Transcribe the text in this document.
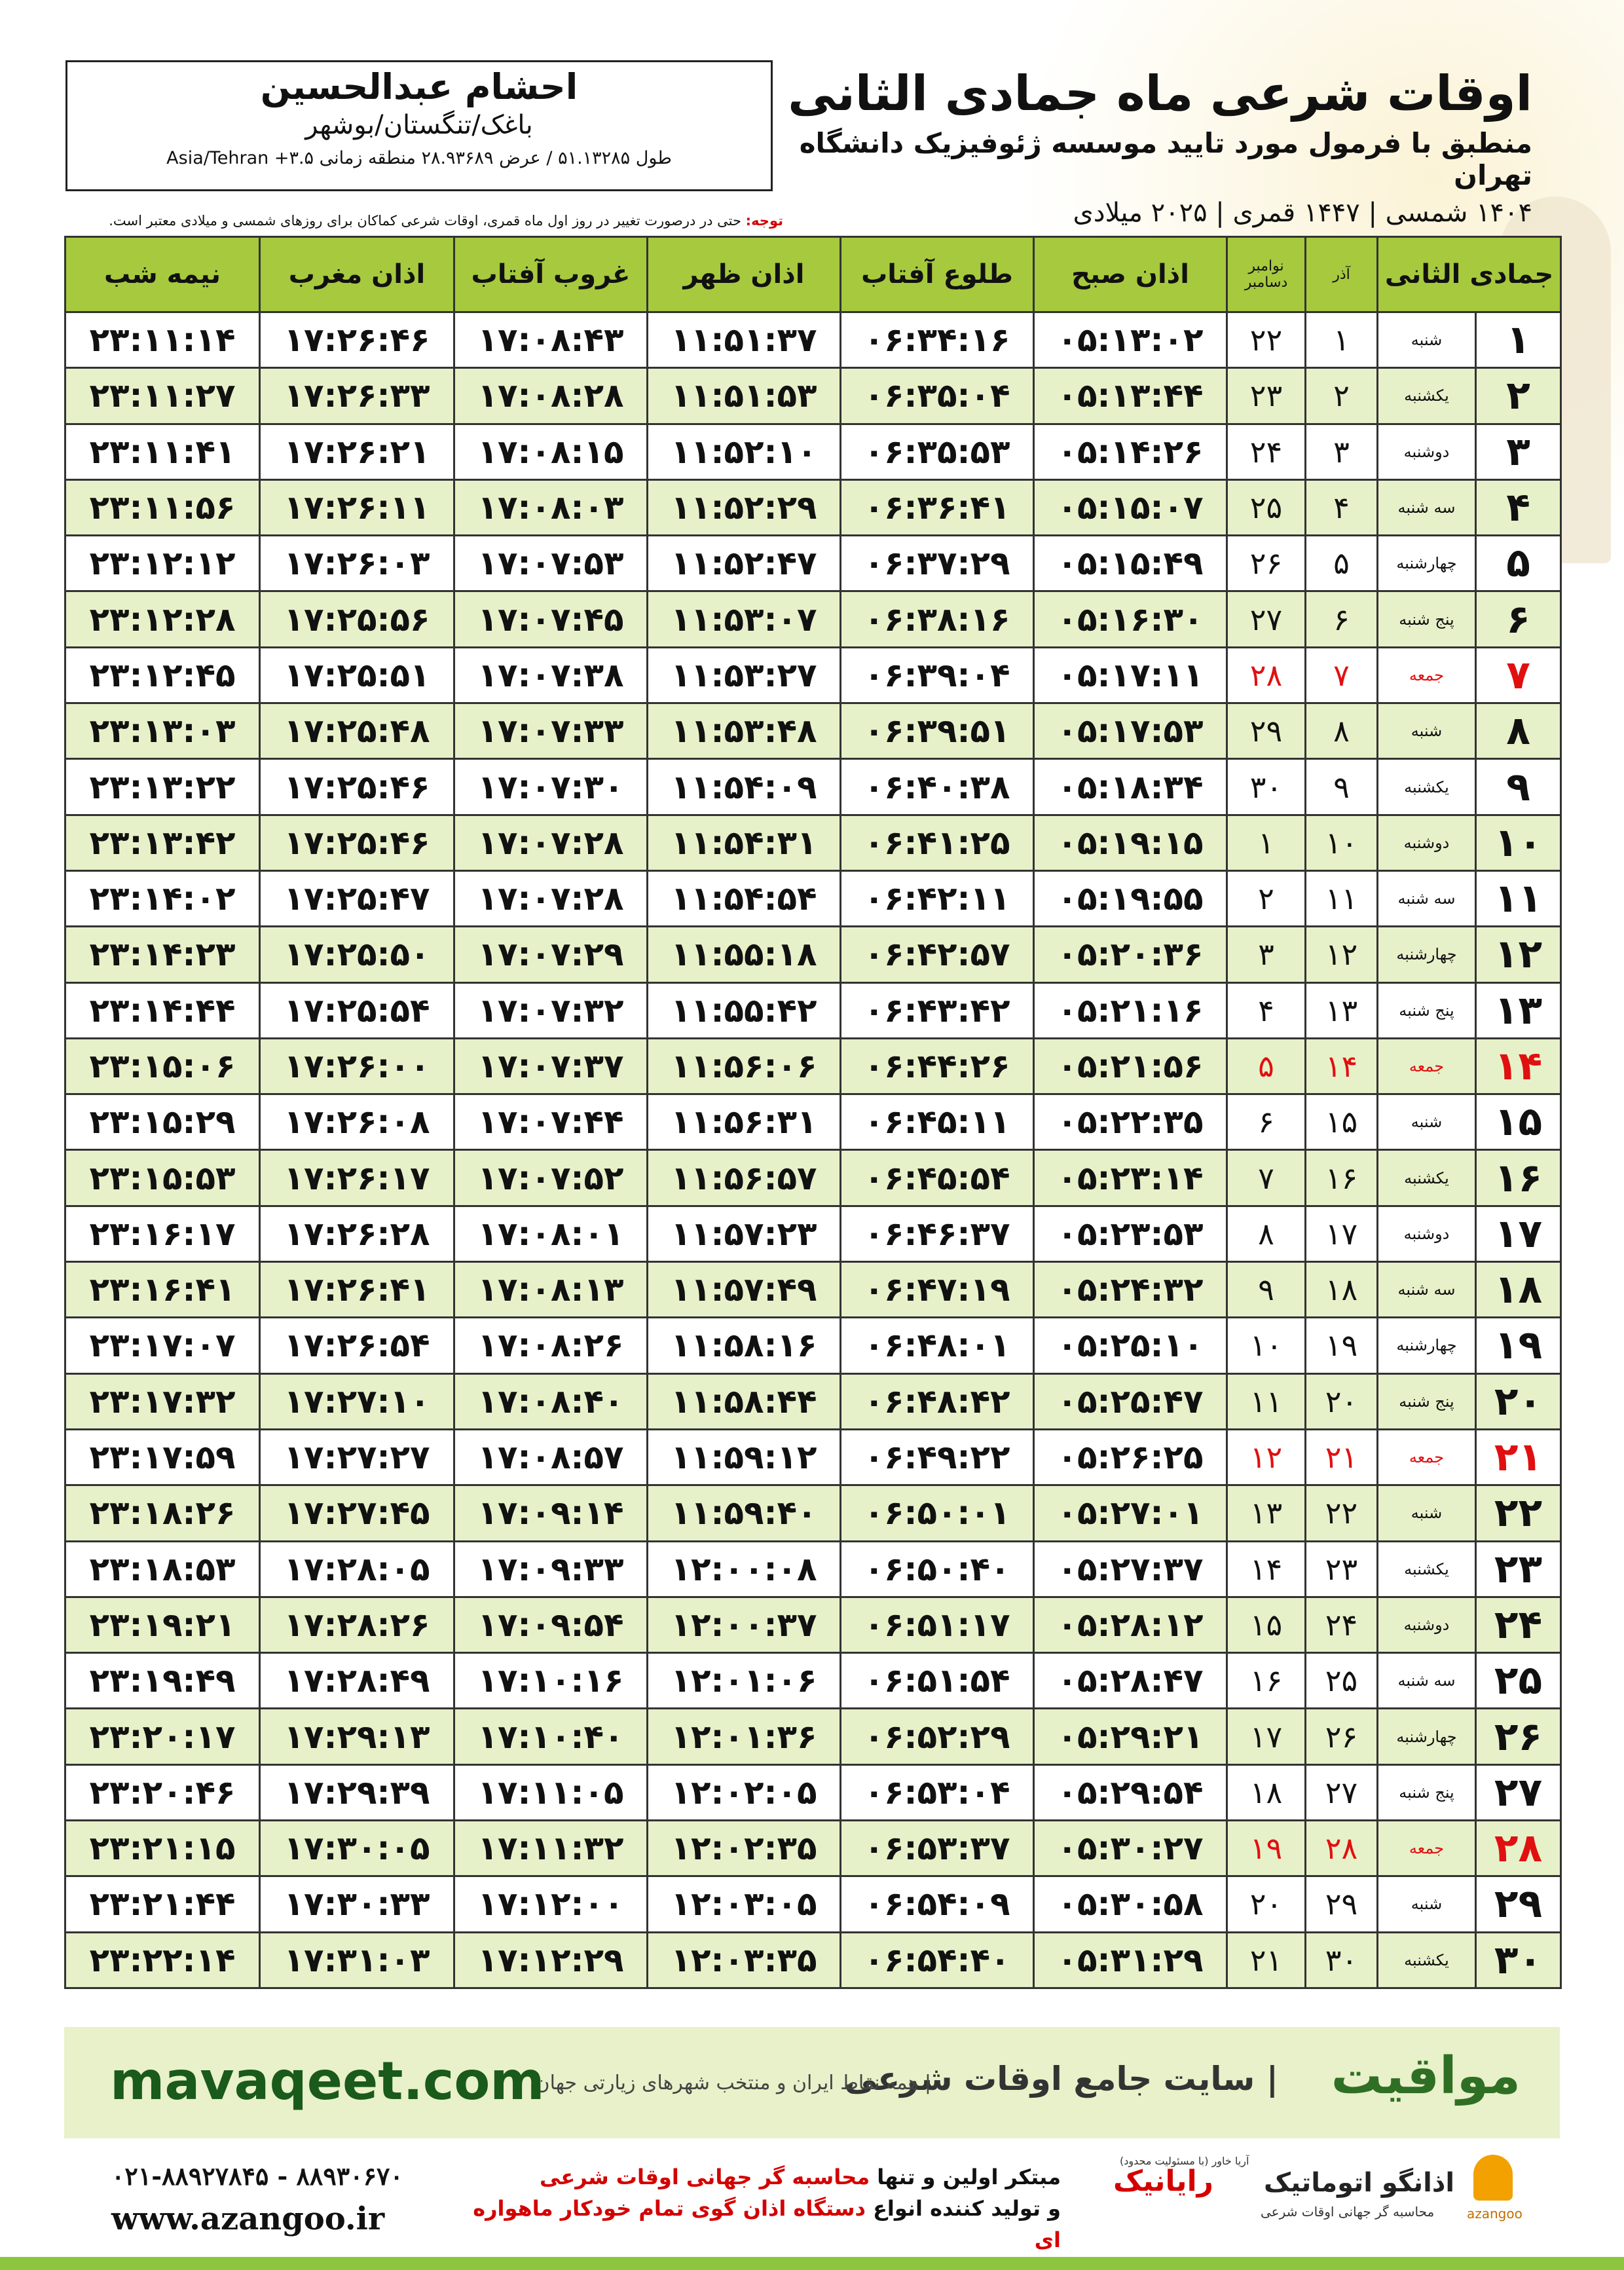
احشام عبدالحسین
باغک/تنگستان/بوشهر
طول ۵۱.۱۳۲۸۵ / عرض ۲۸.۹۳۶۸۹ منطقه زمانی ۳.۵+ Asia/Tehran
اوقات شرعی ماه جمادی الثانی
منطبق با فرمول مورد تایید موسسه ژئوفیزیک دانشگاه تهران
۱۴۰۴ شمسی | ۱۴۴۷ قمری | ۲۰۲۵ میلادی
توجه: حتی در درصورت تغییر در روز اول ماه قمری، اوقات شرعی کماکان برای روزهای شمسی و میلادی معتبر است.
جمادی الثانی		آذر	نوامبر دسامبر	اذان صبح	طلوع آفتاب	اذان ظهر	غروب آفتاب	اذان مغرب	نیمه شب
۱	شنبه	۱	۲۲	۰۵:۱۳:۰۲	۰۶:۳۴:۱۶	۱۱:۵۱:۳۷	۱۷:۰۸:۴۳	۱۷:۲۶:۴۶	۲۳:۱۱:۱۴
۲	یکشنبه	۲	۲۳	۰۵:۱۳:۴۴	۰۶:۳۵:۰۴	۱۱:۵۱:۵۳	۱۷:۰۸:۲۸	۱۷:۲۶:۳۳	۲۳:۱۱:۲۷
۳	دوشنبه	۳	۲۴	۰۵:۱۴:۲۶	۰۶:۳۵:۵۳	۱۱:۵۲:۱۰	۱۷:۰۸:۱۵	۱۷:۲۶:۲۱	۲۳:۱۱:۴۱
۴	سه شنبه	۴	۲۵	۰۵:۱۵:۰۷	۰۶:۳۶:۴۱	۱۱:۵۲:۲۹	۱۷:۰۸:۰۳	۱۷:۲۶:۱۱	۲۳:۱۱:۵۶
۵	چهارشنبه	۵	۲۶	۰۵:۱۵:۴۹	۰۶:۳۷:۲۹	۱۱:۵۲:۴۷	۱۷:۰۷:۵۳	۱۷:۲۶:۰۳	۲۳:۱۲:۱۲
۶	پنج شنبه	۶	۲۷	۰۵:۱۶:۳۰	۰۶:۳۸:۱۶	۱۱:۵۳:۰۷	۱۷:۰۷:۴۵	۱۷:۲۵:۵۶	۲۳:۱۲:۲۸
۷	جمعه	۷	۲۸	۰۵:۱۷:۱۱	۰۶:۳۹:۰۴	۱۱:۵۳:۲۷	۱۷:۰۷:۳۸	۱۷:۲۵:۵۱	۲۳:۱۲:۴۵
۸	شنبه	۸	۲۹	۰۵:۱۷:۵۳	۰۶:۳۹:۵۱	۱۱:۵۳:۴۸	۱۷:۰۷:۳۳	۱۷:۲۵:۴۸	۲۳:۱۳:۰۳
۹	یکشنبه	۹	۳۰	۰۵:۱۸:۳۴	۰۶:۴۰:۳۸	۱۱:۵۴:۰۹	۱۷:۰۷:۳۰	۱۷:۲۵:۴۶	۲۳:۱۳:۲۲
۱۰	دوشنبه	۱۰	۱	۰۵:۱۹:۱۵	۰۶:۴۱:۲۵	۱۱:۵۴:۳۱	۱۷:۰۷:۲۸	۱۷:۲۵:۴۶	۲۳:۱۳:۴۲
۱۱	سه شنبه	۱۱	۲	۰۵:۱۹:۵۵	۰۶:۴۲:۱۱	۱۱:۵۴:۵۴	۱۷:۰۷:۲۸	۱۷:۲۵:۴۷	۲۳:۱۴:۰۲
۱۲	چهارشنبه	۱۲	۳	۰۵:۲۰:۳۶	۰۶:۴۲:۵۷	۱۱:۵۵:۱۸	۱۷:۰۷:۲۹	۱۷:۲۵:۵۰	۲۳:۱۴:۲۳
۱۳	پنج شنبه	۱۳	۴	۰۵:۲۱:۱۶	۰۶:۴۳:۴۲	۱۱:۵۵:۴۲	۱۷:۰۷:۳۲	۱۷:۲۵:۵۴	۲۳:۱۴:۴۴
۱۴	جمعه	۱۴	۵	۰۵:۲۱:۵۶	۰۶:۴۴:۲۶	۱۱:۵۶:۰۶	۱۷:۰۷:۳۷	۱۷:۲۶:۰۰	۲۳:۱۵:۰۶
۱۵	شنبه	۱۵	۶	۰۵:۲۲:۳۵	۰۶:۴۵:۱۱	۱۱:۵۶:۳۱	۱۷:۰۷:۴۴	۱۷:۲۶:۰۸	۲۳:۱۵:۲۹
۱۶	یکشنبه	۱۶	۷	۰۵:۲۳:۱۴	۰۶:۴۵:۵۴	۱۱:۵۶:۵۷	۱۷:۰۷:۵۲	۱۷:۲۶:۱۷	۲۳:۱۵:۵۳
۱۷	دوشنبه	۱۷	۸	۰۵:۲۳:۵۳	۰۶:۴۶:۳۷	۱۱:۵۷:۲۳	۱۷:۰۸:۰۱	۱۷:۲۶:۲۸	۲۳:۱۶:۱۷
۱۸	سه شنبه	۱۸	۹	۰۵:۲۴:۳۲	۰۶:۴۷:۱۹	۱۱:۵۷:۴۹	۱۷:۰۸:۱۳	۱۷:۲۶:۴۱	۲۳:۱۶:۴۱
۱۹	چهارشنبه	۱۹	۱۰	۰۵:۲۵:۱۰	۰۶:۴۸:۰۱	۱۱:۵۸:۱۶	۱۷:۰۸:۲۶	۱۷:۲۶:۵۴	۲۳:۱۷:۰۷
۲۰	پنج شنبه	۲۰	۱۱	۰۵:۲۵:۴۷	۰۶:۴۸:۴۲	۱۱:۵۸:۴۴	۱۷:۰۸:۴۰	۱۷:۲۷:۱۰	۲۳:۱۷:۳۲
۲۱	جمعه	۲۱	۱۲	۰۵:۲۶:۲۵	۰۶:۴۹:۲۲	۱۱:۵۹:۱۲	۱۷:۰۸:۵۷	۱۷:۲۷:۲۷	۲۳:۱۷:۵۹
۲۲	شنبه	۲۲	۱۳	۰۵:۲۷:۰۱	۰۶:۵۰:۰۱	۱۱:۵۹:۴۰	۱۷:۰۹:۱۴	۱۷:۲۷:۴۵	۲۳:۱۸:۲۶
۲۳	یکشنبه	۲۳	۱۴	۰۵:۲۷:۳۷	۰۶:۵۰:۴۰	۱۲:۰۰:۰۸	۱۷:۰۹:۳۳	۱۷:۲۸:۰۵	۲۳:۱۸:۵۳
۲۴	دوشنبه	۲۴	۱۵	۰۵:۲۸:۱۲	۰۶:۵۱:۱۷	۱۲:۰۰:۳۷	۱۷:۰۹:۵۴	۱۷:۲۸:۲۶	۲۳:۱۹:۲۱
۲۵	سه شنبه	۲۵	۱۶	۰۵:۲۸:۴۷	۰۶:۵۱:۵۴	۱۲:۰۱:۰۶	۱۷:۱۰:۱۶	۱۷:۲۸:۴۹	۲۳:۱۹:۴۹
۲۶	چهارشنبه	۲۶	۱۷	۰۵:۲۹:۲۱	۰۶:۵۲:۲۹	۱۲:۰۱:۳۶	۱۷:۱۰:۴۰	۱۷:۲۹:۱۳	۲۳:۲۰:۱۷
۲۷	پنج شنبه	۲۷	۱۸	۰۵:۲۹:۵۴	۰۶:۵۳:۰۴	۱۲:۰۲:۰۵	۱۷:۱۱:۰۵	۱۷:۲۹:۳۹	۲۳:۲۰:۴۶
۲۸	جمعه	۲۸	۱۹	۰۵:۳۰:۲۷	۰۶:۵۳:۳۷	۱۲:۰۲:۳۵	۱۷:۱۱:۳۲	۱۷:۳۰:۰۵	۲۳:۲۱:۱۵
۲۹	شنبه	۲۹	۲۰	۰۵:۳۰:۵۸	۰۶:۵۴:۰۹	۱۲:۰۳:۰۵	۱۷:۱۲:۰۰	۱۷:۳۰:۳۳	۲۳:۲۱:۴۴
۳۰	یکشنبه	۳۰	۲۱	۰۵:۳۱:۲۹	۰۶:۵۴:۴۰	۱۲:۰۳:۳۵	۱۷:۱۲:۲۹	۱۷:۳۱:۰۳	۲۳:۲۲:۱۴
مواقیت
| سایت جامع اوقات شرعی
| همه نقاط ایران و منتخب شهرهای زیارتی جهان
mavaqeet.com
۰۲۱-۸۸۹۲۷۸۴۵ - ۸۸۹۳۰۶۷۰
www.azangoo.ir
مبتکر اولین و تنها محاسبه گر جهانی اوقات شرعی
و تولید کننده انواع دستگاه اذان گوی تمام خودکار ماهواره ای
(با مسئولیت محدود) آریا خاور
رایانیک اذانگو اتوماتیک
محاسبه گر جهانی اوقات شرعی azangoo
